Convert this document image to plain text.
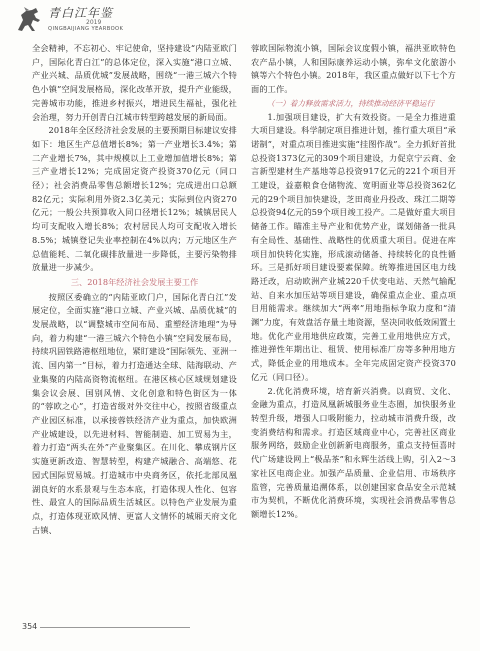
青白江年鉴
2019
QINGBAIJIANG YEARBOOK

全会精神，不忘初心、牢记使命，坚持建设“内陆亚欧门户，国际化青白江”的总体定位，深入实施“港口立城、产业兴城、品质优城”发展战略，围绕“一港三城六个特色小镇”空间发展格局，深化改革开放，提升产业能级，完善城市功能，推进乡村振兴，增进民生福祉，强化社会治理，努力开创青白江城市转型跨越发展的新局面。

2018年全区经济社会发展的主要预期目标建议安排如下：地区生产总值增长8%；第一产业增长3.4%；第二产业增长7%，其中规模以上工业增加值增长8%；第三产业增长12%；完成固定资产投资370亿元（同口径）；社会消费品零售总额增长12%；完成进出口总额82亿元；实际利用外资2.3亿美元；实际到位内资270亿元；一般公共预算收入同口径增长12%；城镇居民人均可支配收入增长8%；农村居民人均可支配收入增长8.5%；城镇登记失业率控制在4%以内；万元地区生产总值能耗、二氧化碳排放量进一步降低，主要污染物排放量进一步减少。

三、2018年经济社会发展主要工作

按照区委确立的“内陆亚欧门户，国际化青白江”发展定位，全面实施“港口立城、产业兴城、品质优城”的发展战略，以“调整城市空间布局、重塑经济地理”为导向，着力构建“一港三城六个特色小镇”空间发展布局，持续巩固铁路港枢纽地位，紧盯建设“国际领先、亚洲一流、国内第一”目标，着力打造通达全球、陆海联动、产业集聚的内陆高资物流枢纽。在港区核心区域规划建设集会议会展、国别风情、文化创意和特色街区为一体的“蓉欧之心”，打造省级对外交往中心，按照省级重点产业园区标准，以承接蓉铁经济产业为重点，加快欧洲产业城建设，以先进材料、智能制造、加工贸易为主，着力打造“两头在外”产业聚集区。在川化、攀成钢片区实施更新改造、智慧转型，构建产城融合、高端悠、花园式国际贸易城。打造城市中央商务区，依托北部凤凰湖良好的水系景观与生态本底，打造体现人性化、包容性、最宜人的国际品质生活城区。以特色产业发展为重点，打造体现亚欧风情、更富人文情怀的城厢天府文化古镇、

蓉欧国际物流小镇，国际会议度假小镇，福洪亚欧特色农产品小镇，人和国际康养运动小镇，弥牟文化旅游小镇等六个特色小镇。2018年，我区重点做好以下七个方面的工作。

（一）着力释放需求活力，持续推动经济平稳运行

1.加强项目建设，扩大有效投资。一是全力推进重大项目建设。科学制定项目推进计划，推行重大项目“承诺制”，对重点项目推进实施“挂图作战”。全力抓好首批总投资1373亿元的309个项目建设，力促京宁云商、金言新型建材生产基地等总投资917亿元的221个项目开工建设，益嘉粮食仓储物流、宽明面业等总投资362亿元的29个项目加快建设，芝田商业丹投改、珠江二期等总投资94亿元的59个项目竣工投产。二是做好重大项目储备工作。瞄准主导产业和优势产业，谋划储备一批具有全局性、基础性、战略性的优质重大项目。促进在库项目加快转化实施，形成滚动储备、持续转化的良性循环。三是抓好项目建设要素保障。统筹推进国区电力线路迁改，启动欧洲产业城220千伏变电站、天然气输配站、自来水加压站等项目建设，确保重点企业、重点项目用能需求。继续加大“两率”用地指标争取力度和“清渊”力度，有效盘活存量土地资源，坚决同收低效闲置土地。优化产业用地供应政策，完善工业用地供应方式，推进弹性年期出让、租赁、使用标准厂房等多种用地方式，降低企业的用地成本。全年完成固定资产投资370亿元（同口径）。

2.优化消费环境，培育新兴消费。以商贸、文化、金融为重点，打造凤凰新城服务业生态圈，加快服务业转型升级，增强人口吸附能力，拉动城市消费升级，改变消费结构和需求。打造区域商业中心，完善社区商业服务网络，鼓励企业创新新电商服务，重点支持恒喜时代广场建设网上“极品茶”和永辉生活线上购，引入2～3家社区电商企业。加强产品质量、企业信用、市场秩序监管，完善质量追溯体系，以创建国家食品安全示范城市为契机，不断优化消费环境，实现社会消费品零售总额增长12%。

354
